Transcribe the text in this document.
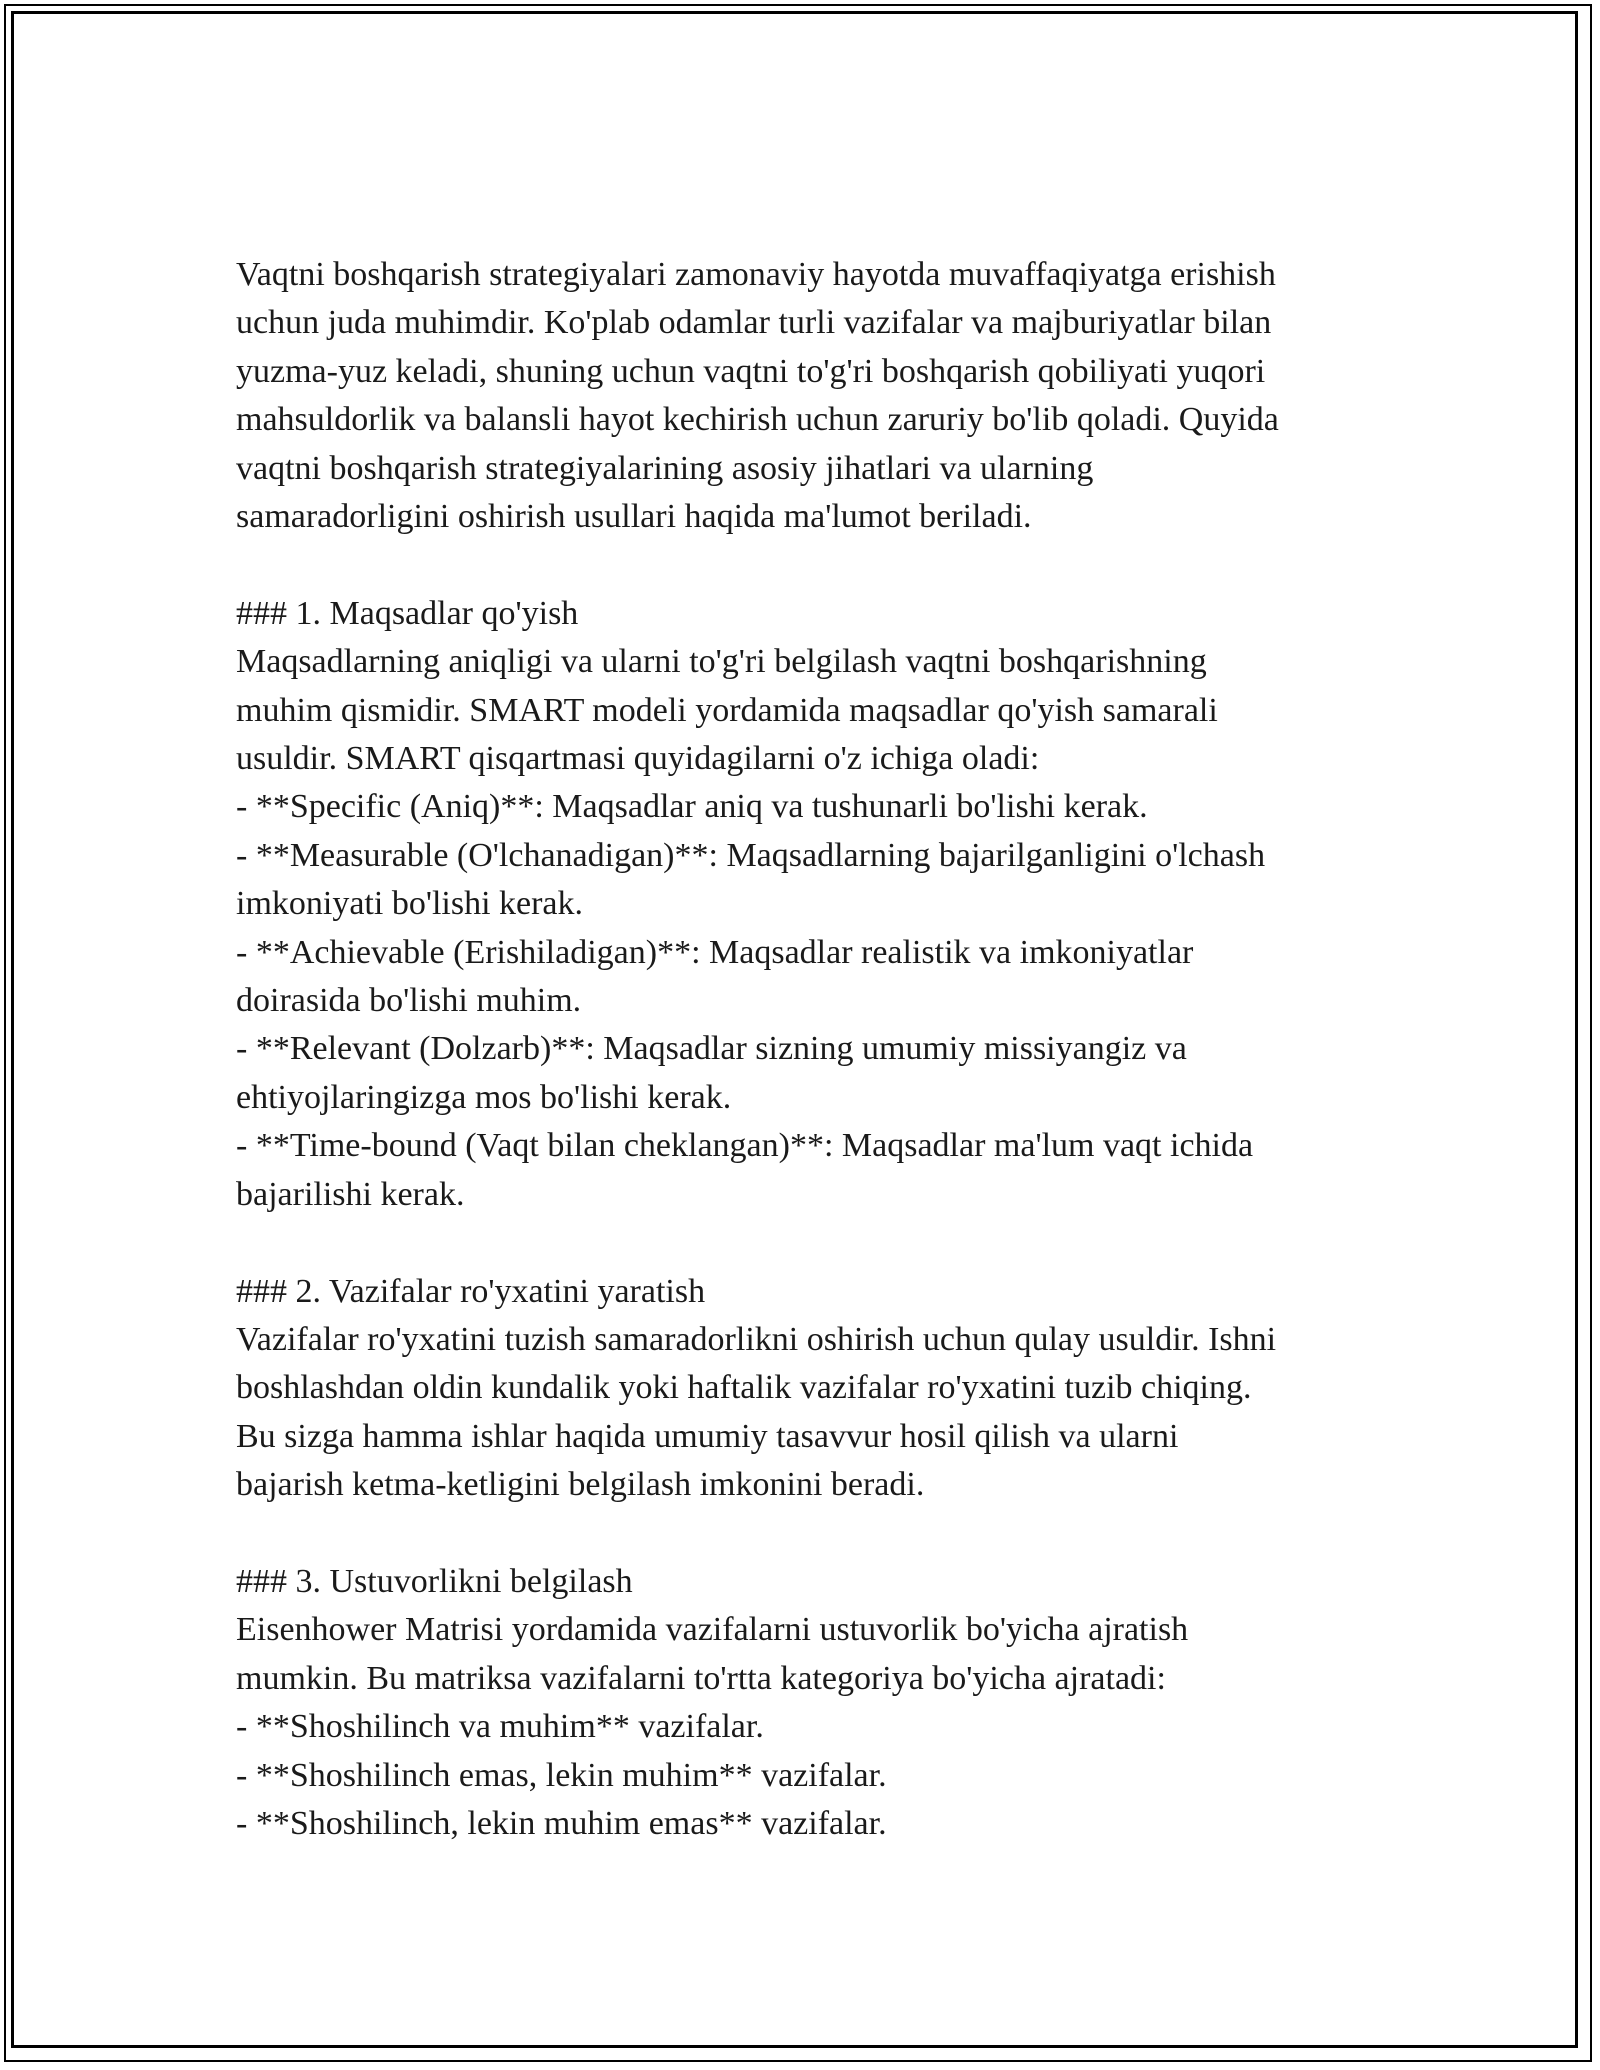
Vaqtni boshqarish strategiyalari zamonaviy hayotda muvaffaqiyatga erishish
uchun juda muhimdir. Ko'plab odamlar turli vazifalar va majburiyatlar bilan
yuzma-yuz keladi, shuning uchun vaqtni to'g'ri boshqarish qobiliyati yuqori
mahsuldorlik va balansli hayot kechirish uchun zaruriy bo'lib qoladi. Quyida
vaqtni boshqarish strategiyalarining asosiy jihatlari va ularning
samaradorligini oshirish usullari haqida ma'lumot beriladi.

### 1. Maqsadlar qo'yish

Maqsadlarning aniqligi va ularni to'g'ri belgilash vaqtni boshqarishning
muhim qismidir. SMART modeli yordamida maqsadlar qo'yish samarali
usuldir. SMART qisqartmasi quyidagilarni o'z ichiga oladi:
- **Specific (Aniq)**: Maqsadlar aniq va tushunarli bo'lishi kerak.
- **Measurable (O'lchanadigan)**: Maqsadlarning bajarilganligini o'lchash
imkoniyati bo'lishi kerak.
- **Achievable (Erishiladigan)**: Maqsadlar realistik va imkoniyatlar
doirasida bo'lishi muhim.
- **Relevant (Dolzarb)**: Maqsadlar sizning umumiy missiyangiz va
ehtiyojlaringizga mos bo'lishi kerak.
- **Time-bound (Vaqt bilan cheklangan)**: Maqsadlar ma'lum vaqt ichida
bajarilishi kerak.

### 2. Vazifalar ro'yxatini yaratish

Vazifalar ro'yxatini tuzish samaradorlikni oshirish uchun qulay usuldir. Ishni
boshlashdan oldin kundalik yoki haftalik vazifalar ro'yxatini tuzib chiqing.
Bu sizga hamma ishlar haqida umumiy tasavvur hosil qilish va ularni
bajarish ketma-ketligini belgilash imkonini beradi.

### 3. Ustuvorlikni belgilash

Eisenhower Matrisi yordamida vazifalarni ustuvorlik bo'yicha ajratish
mumkin. Bu matriksa vazifalarni to'rtta kategoriya bo'yicha ajratadi:
- **Shoshilinch va muhim** vazifalar.
- **Shoshilinch emas, lekin muhim** vazifalar.
- **Shoshilinch, lekin muhim emas** vazifalar.
